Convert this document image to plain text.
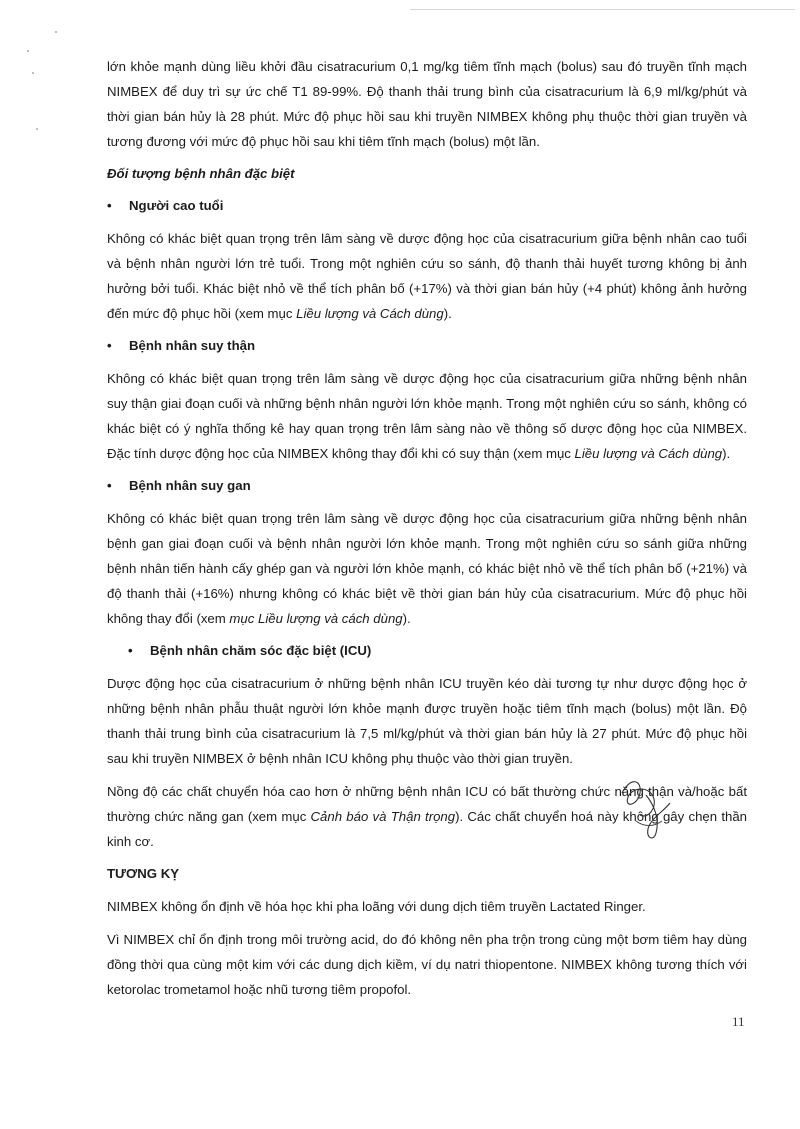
lớn khỏe mạnh dùng liều khởi đầu cisatracurium 0,1 mg/kg tiêm tĩnh mạch (bolus) sau đó truyền tĩnh mạch NIMBEX để duy trì sự ức chế T1 89-99%. Độ thanh thải trung bình của cisatracurium là 6,9 ml/kg/phút và thời gian bán hủy là 28 phút. Mức độ phục hồi sau khi truyền NIMBEX không phụ thuộc thời gian truyền và tương đương với mức độ phục hồi sau khi tiêm tĩnh mạch (bolus) một lần.

Đối tượng bệnh nhân đặc biệt

• Người cao tuổi

Không có khác biệt quan trọng trên lâm sàng về dược động học của cisatracurium giữa bệnh nhân cao tuổi và bệnh nhân người lớn trẻ tuổi. Trong một nghiên cứu so sánh, độ thanh thải huyết tương không bị ảnh hưởng bởi tuổi. Khác biệt nhỏ về thể tích phân bố (+17%) và thời gian bán hủy (+4 phút) không ảnh hưởng đến mức độ phục hồi (xem mục Liều lượng và Cách dùng).

• Bệnh nhân suy thận

Không có khác biệt quan trọng trên lâm sàng về dược động học của cisatracurium giữa những bệnh nhân suy thận giai đoạn cuối và những bệnh nhân người lớn khỏe mạnh. Trong một nghiên cứu so sánh, không có khác biệt có ý nghĩa thống kê hay quan trọng trên lâm sàng nào về thông số dược động học của NIMBEX. Đặc tính dược động học của NIMBEX không thay đổi khi có suy thận (xem mục Liều lượng và Cách dùng).

• Bệnh nhân suy gan

Không có khác biệt quan trọng trên lâm sàng về dược động học của cisatracurium giữa những bệnh nhân bệnh gan giai đoạn cuối và bệnh nhân người lớn khỏe mạnh. Trong một nghiên cứu so sánh giữa những bệnh nhân tiến hành cấy ghép gan và người lớn khỏe mạnh, có khác biệt nhỏ về thể tích phân bố (+21%) và độ thanh thải (+16%) nhưng không có khác biệt về thời gian bán hủy của cisatracurium. Mức độ phục hồi không thay đổi (xem mục Liều lượng và cách dùng).

• Bệnh nhân chăm sóc đặc biệt (ICU)

Dược động học của cisatracurium ở những bệnh nhân ICU truyền kéo dài tương tự như dược động học ở những bệnh nhân phẫu thuật người lớn khỏe mạnh được truyền hoặc tiêm tĩnh mạch (bolus) một lần. Độ thanh thải trung bình của cisatracurium là 7,5 ml/kg/phút và thời gian bán hủy là 27 phút. Mức độ phục hồi sau khi truyền NIMBEX ở bệnh nhân ICU không phụ thuộc vào thời gian truyền.

Nồng độ các chất chuyển hóa cao hơn ở những bệnh nhân ICU có bất thường chức năng thận và/hoặc bất thường chức năng gan (xem mục Cảnh báo và Thận trọng). Các chất chuyển hoá này không gây chẹn thần kinh cơ.

TƯƠNG KỴ

NIMBEX không ổn định về hóa học khi pha loãng với dung dịch tiêm truyền Lactated Ringer.

Vì NIMBEX chỉ ổn định trong môi trường acid, do đó không nên pha trộn trong cùng một bơm tiêm hay dùng đồng thời qua cùng một kim với các dung dịch kiềm, ví dụ natri thiopentone. NIMBEX không tương thích với ketorolac trometamol hoặc nhũ tương tiêm propofol.

11
